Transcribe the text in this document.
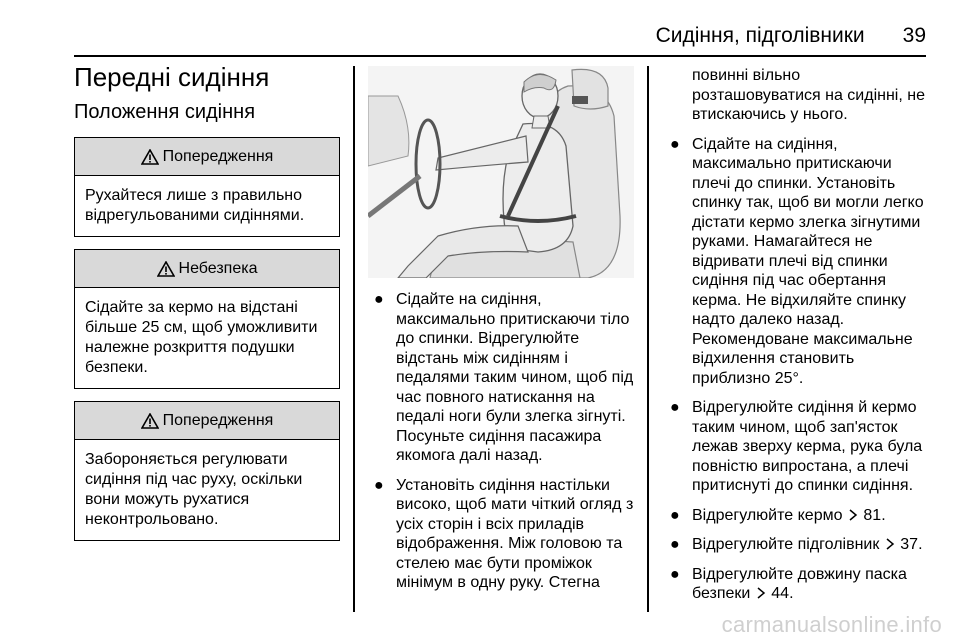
Сидіння, підголівники 39
Передні сидіння
Положення сидіння
Попередження
Рухайтеся лише з правильно відрегульованими сидіннями.
Небезпека
Сідайте за кермо на відстані більше 25 см, щоб уможливити належне розкриття подушки безпеки.
Попередження
Забороняється регулювати сидіння під час руху, оскільки вони можуть рухатися неконтрольовано.
● Сідайте на сидіння, максимально притискаючи тіло до спинки. Відрегулюйте відстань між сидінням і педалями таким чином, щоб під час повного натискання на педалі ноги були злегка зігнуті. Посуньте сидіння пасажира якомога далі назад.
● Установіть сидіння настільки високо, щоб мати чіткий огляд з усіх сторін і всіх приладів відображення. Між головою та стелею має бути проміжок мінімум в одну руку. Стегна
повинні вільно розташовуватися на сидінні, не втискаючись у нього.
● Сідайте на сидіння, максимально притискаючи плечі до спинки. Установіть спинку так, щоб ви могли легко дістати кермо злегка зігнутими руками. Намагайтеся не відривати плечі від спинки сидіння під час обертання керма. Не відхиляйте спинку надто далеко назад. Рекомендоване максимальне відхилення становить приблизно 25°.
● Відрегулюйте сидіння й кермо таким чином, щоб зап'ясток лежав зверху керма, рука була повністю випростана, а плечі притиснуті до спинки сидіння.
● Відрегулюйте кермо 81.
● Відрегулюйте підголівник 37.
● Відрегулюйте довжину паска безпеки 44.
carmanualsonline.info
